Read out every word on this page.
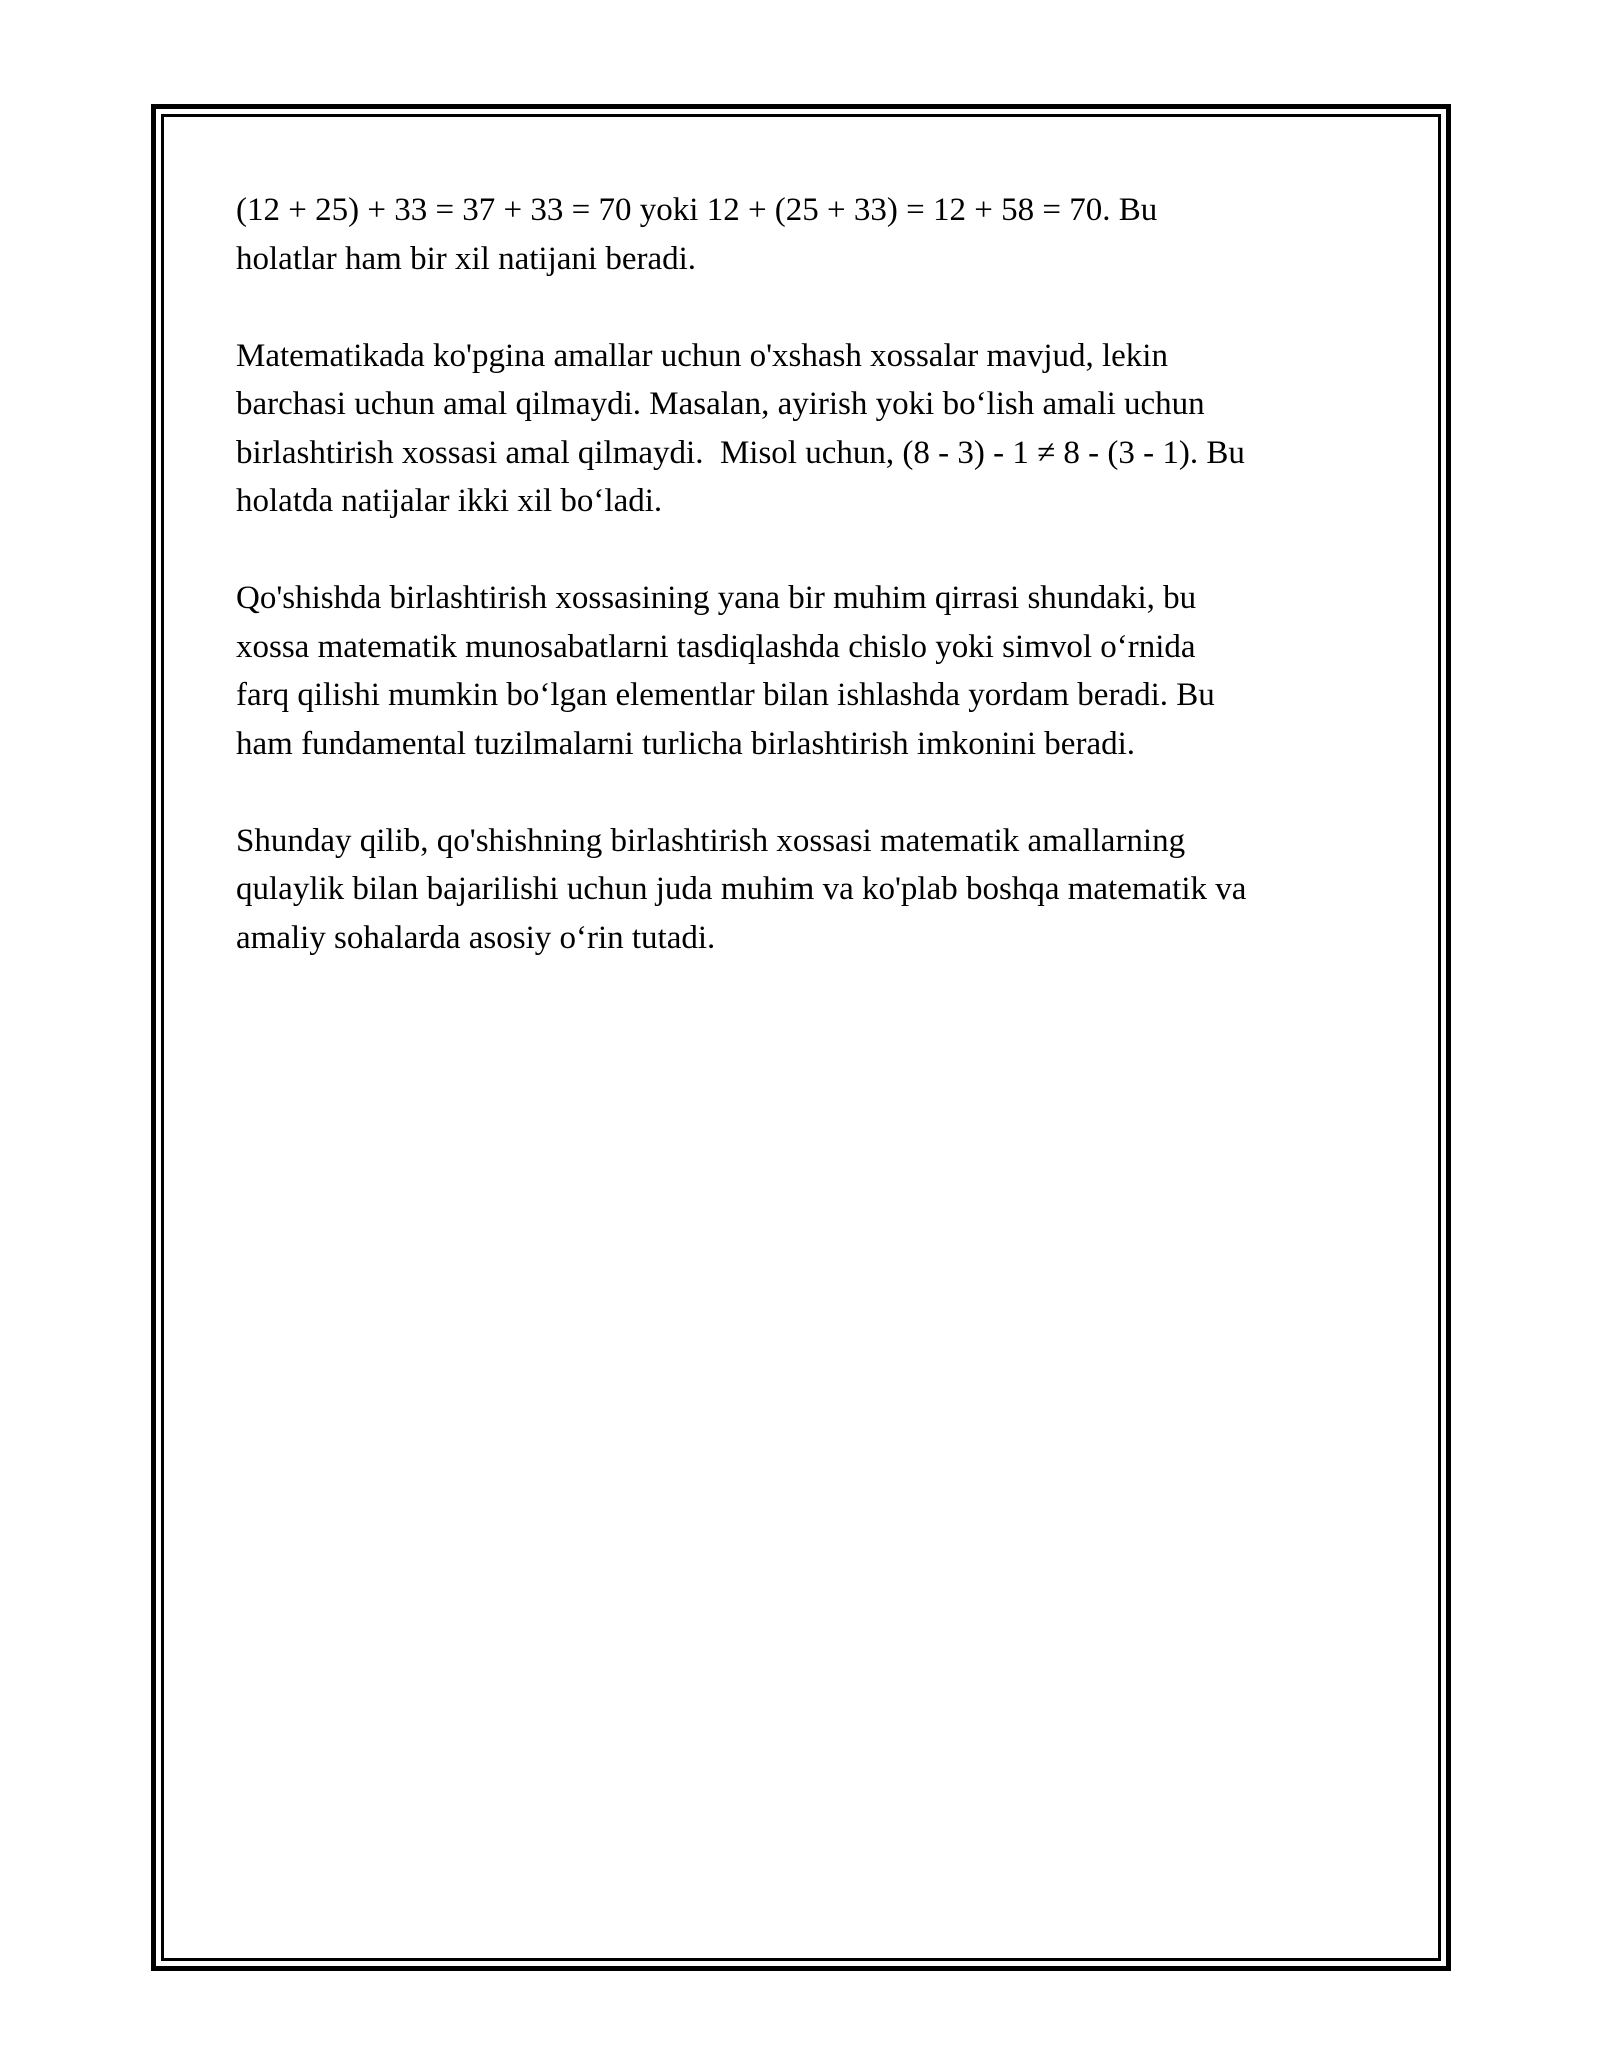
(12 + 25) + 33 = 37 + 33 = 70 yoki 12 + (25 + 33) = 12 + 58 = 70. Bu
holatlar ham bir xil natijani beradi.

Matematikada ko'pgina amallar uchun o'xshash xossalar mavjud, lekin
barchasi uchun amal qilmaydi. Masalan, ayirish yoki bo‘lish amali uchun
birlashtirish xossasi amal qilmaydi.  Misol uchun, (8 - 3) - 1 ≠ 8 - (3 - 1). Bu
holatda natijalar ikki xil bo‘ladi.

Qo'shishda birlashtirish xossasining yana bir muhim qirrasi shundaki, bu
xossa matematik munosabatlarni tasdiqlashda chislo yoki simvol o‘rnida
farq qilishi mumkin bo‘lgan elementlar bilan ishlashda yordam beradi. Bu
ham fundamental tuzilmalarni turlicha birlashtirish imkonini beradi.

Shunday qilib, qo'shishning birlashtirish xossasi matematik amallarning
qulaylik bilan bajarilishi uchun juda muhim va ko'plab boshqa matematik va
amaliy sohalarda asosiy o‘rin tutadi.
